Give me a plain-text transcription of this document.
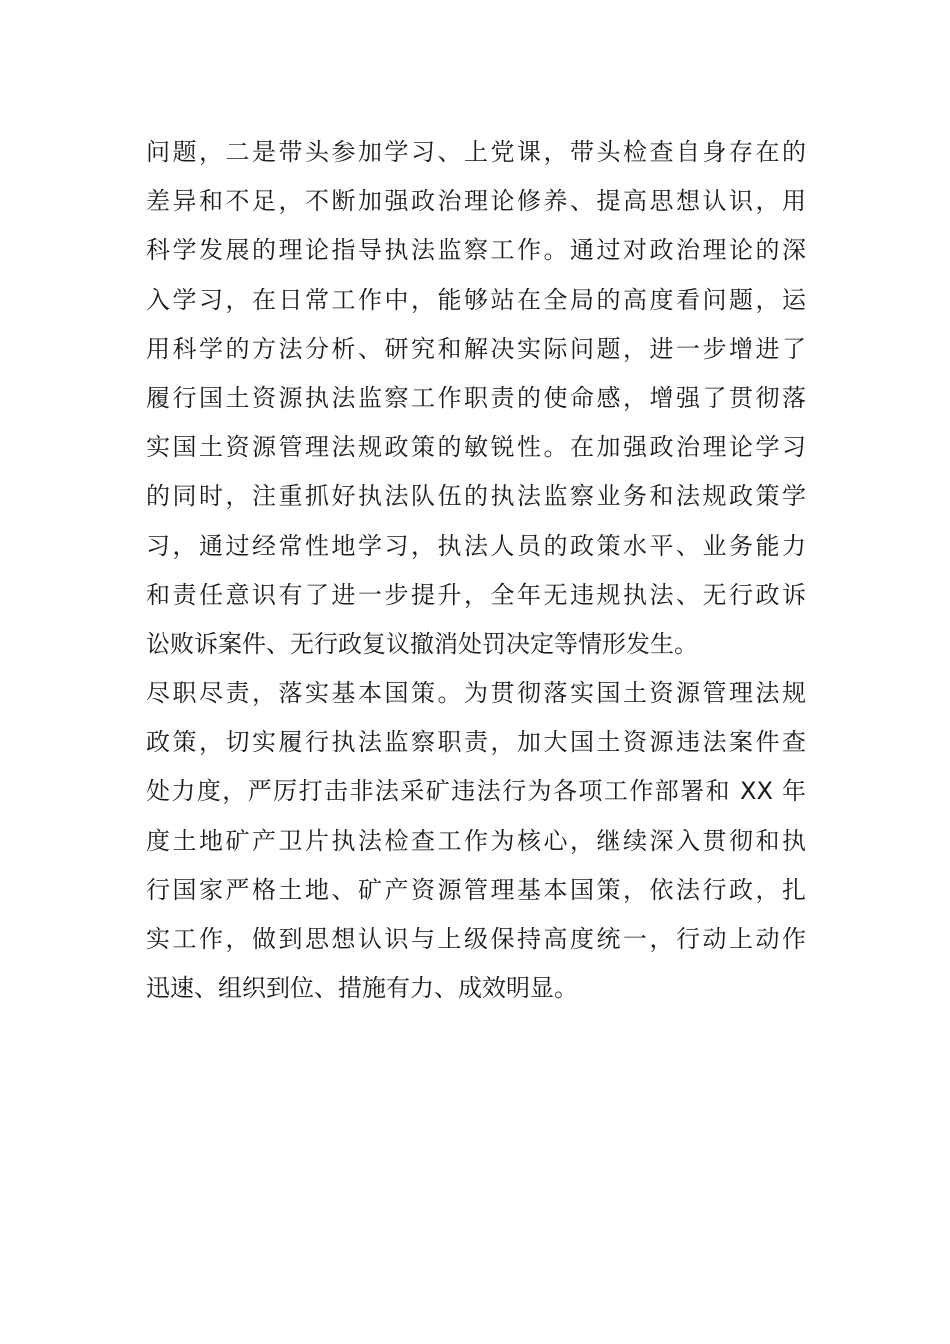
问题，二是带头参加学习、上党课，带头检查自身存在的
差异和不足，不断加强政治理论修养、提高思想认识，用
科学发展的理论指导执法监察工作。通过对政治理论的深
入学习，在日常工作中，能够站在全局的高度看问题，运
用科学的方法分析、研究和解决实际问题，进一步增进了
履行国土资源执法监察工作职责的使命感，增强了贯彻落
实国土资源管理法规政策的敏锐性。在加强政治理论学习
的同时，注重抓好执法队伍的执法监察业务和法规政策学
习，通过经常性地学习，执法人员的政策水平、业务能力
和责任意识有了进一步提升，全年无违规执法、无行政诉
讼败诉案件、无行政复议撤消处罚决定等情形发生。
尽职尽责，落实基本国策。为贯彻落实国土资源管理法规
政策，切实履行执法监察职责，加大国土资源违法案件查
处力度，严厉打击非法采矿违法行为各项工作部署和 XX 年
度土地矿产卫片执法检查工作为核心，继续深入贯彻和执
行国家严格土地、矿产资源管理基本国策，依法行政，扎
实工作，做到思想认识与上级保持高度统一，行动上动作
迅速、组织到位、措施有力、成效明显。
